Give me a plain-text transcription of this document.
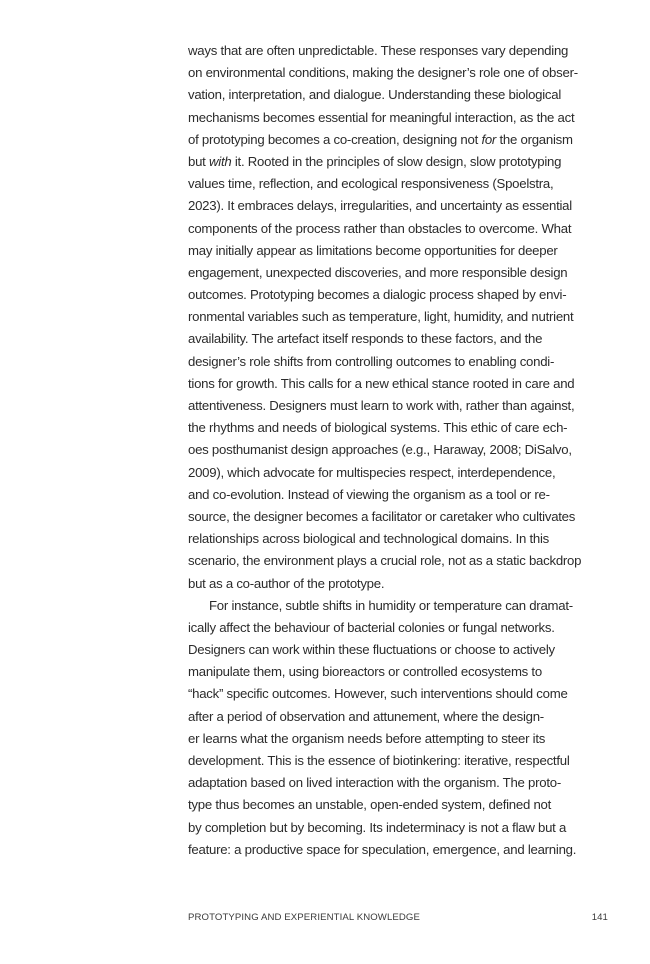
ways that are often unpredictable. These responses vary depending
on environmental conditions, making the designer’s role one of obser-
vation, interpretation, and dialogue. Understanding these biological
mechanisms becomes essential for meaningful interaction, as the act
of prototyping becomes a co-creation, designing not for the organism
but with it. Rooted in the principles of slow design, slow prototyping
values time, reflection, and ecological responsiveness (Spoelstra,
2023). It embraces delays, irregularities, and uncertainty as essential
components of the process rather than obstacles to overcome. What
may initially appear as limitations become opportunities for deeper
engagement, unexpected discoveries, and more responsible design
outcomes. Prototyping becomes a dialogic process shaped by envi-
ronmental variables such as temperature, light, humidity, and nutrient
availability. The artefact itself responds to these factors, and the
designer’s role shifts from controlling outcomes to enabling condi-
tions for growth. This calls for a new ethical stance rooted in care and
attentiveness. Designers must learn to work with, rather than against,
the rhythms and needs of biological systems. This ethic of care ech-
oes posthumanist design approaches (e.g., Haraway, 2008; DiSalvo,
2009), which advocate for multispecies respect, interdependence,
and co-evolution. Instead of viewing the organism as a tool or re-
source, the designer becomes a facilitator or caretaker who cultivates
relationships across biological and technological domains. In this
scenario, the environment plays a crucial role, not as a static backdrop
but as a co-author of the prototype.
For instance, subtle shifts in humidity or temperature can dramat-
ically affect the behaviour of bacterial colonies or fungal networks.
Designers can work within these fluctuations or choose to actively
manipulate them, using bioreactors or controlled ecosystems to
“hack” specific outcomes. However, such interventions should come
after a period of observation and attunement, where the design-
er learns what the organism needs before attempting to steer its
development. This is the essence of biotinkering: iterative, respectful
adaptation based on lived interaction with the organism. The proto-
type thus becomes an unstable, open-ended system, defined not
by completion but by becoming. Its indeterminacy is not a flaw but a
feature: a productive space for speculation, emergence, and learning.
PROTOTYPING AND EXPERIENTIAL KNOWLEDGE	141
